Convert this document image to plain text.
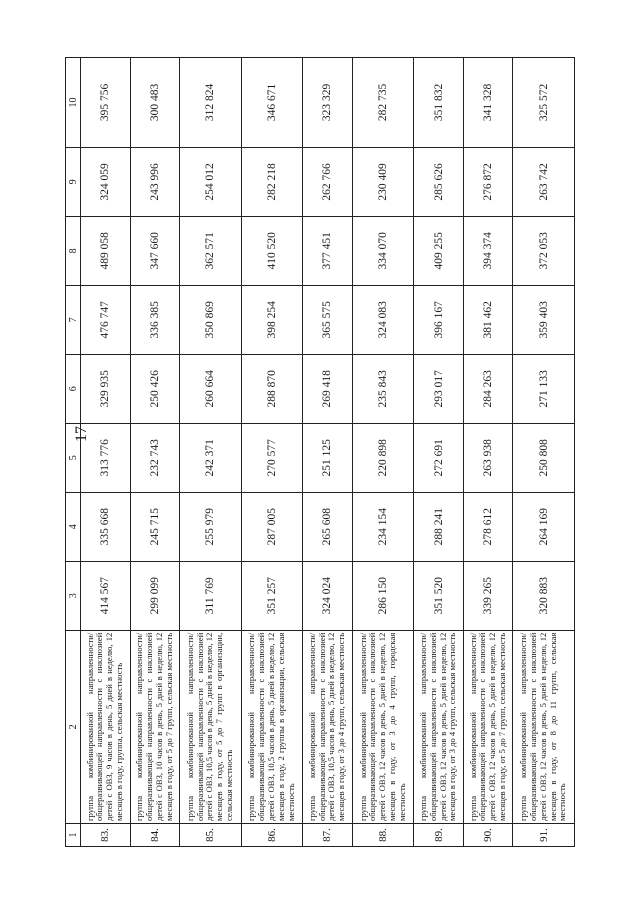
17
1	2	3	4	5	6	7	8	9	10
83.	группа комбинированной направленности/общеразвивающей направленности с инклюзией детей с ОВЗ, 9 часов в день, 5 дней в неделю, 12 месяцев в году, группа, сельская местность	414 567	335 668	313 776	329 935	476 747	489 058	324 059	395 756
84.	группа комбинированной направленности/общеразвивающей направленности с инклюзией детей с ОВЗ, 10 часов в день, 5 дней в неделю, 12 месяцев в году, от 5 до 7 групп, сельская местность	299 099	245 715	232 743	250 426	336 385	347 660	243 996	300 483
85.	группа комбинированной направленности/общеразвивающей направленности с инклюзией детей с ОВЗ, 10,5 часов в день, 5 дней в неделю, 12 месяцев в году, от 5 до 7 групп в организации, сельская местность	311 769	255 979	242 371	260 664	350 869	362 571	254 012	312 824
86.	группа комбинированной направленности/общеразвивающей направленности с инклюзией детей с ОВЗ, 10,5 часов в день, 5 дней в неделю, 12 месяцев в году, 2 группы в организации, сельская местность	351 257	287 005	270 577	288 870	398 254	410 520	282 218	346 671
87.	группа комбинированной направленности/общеразвивающей направленности с инклюзией детей с ОВЗ, 10,5 часов в день, 5 дней в неделю, 12 месяцев в году, от 3 до 4 групп, сельская местность	324 024	265 608	251 125	269 418	365 575	377 451	262 766	323 329
88.	группа комбинированной направленности/общеразвивающей направленности с инклюзией детей с ОВЗ, 12 часов в день, 5 дней в неделю, 12 месяцев в году, от 3 до 4 групп, городская местность	286 150	234 154	220 898	235 843	324 083	334 070	230 409	282 735
89.	группа комбинированной направленности/общеразвивающей направленности с инклюзией детей с ОВЗ, 12 часов в день, 5 дней в неделю, 12 месяцев в году, от 3 до 4 групп, сельская местность	351 520	288 241	272 691	293 017	396 167	409 255	285 626	351 832
90.	группа комбинированной направленности/общеразвивающей направленности с инклюзией детей с ОВЗ, 12 часов в день, 5 дней в неделю, 12 месяцев в году, от 5 до 7 групп, сельская местность	339 265	278 612	263 938	284 263	381 462	394 374	276 872	341 328
91.	группа комбинированной направленности/общеразвивающей направленности с инклюзией детей с ОВЗ, 12 часов в день, 5 дней в неделю, 12 месяцев в году, от 8 до 11 групп, сельская местность	320 883	264 169	250 808	271 133	359 403	372 053	263 742	325 572
